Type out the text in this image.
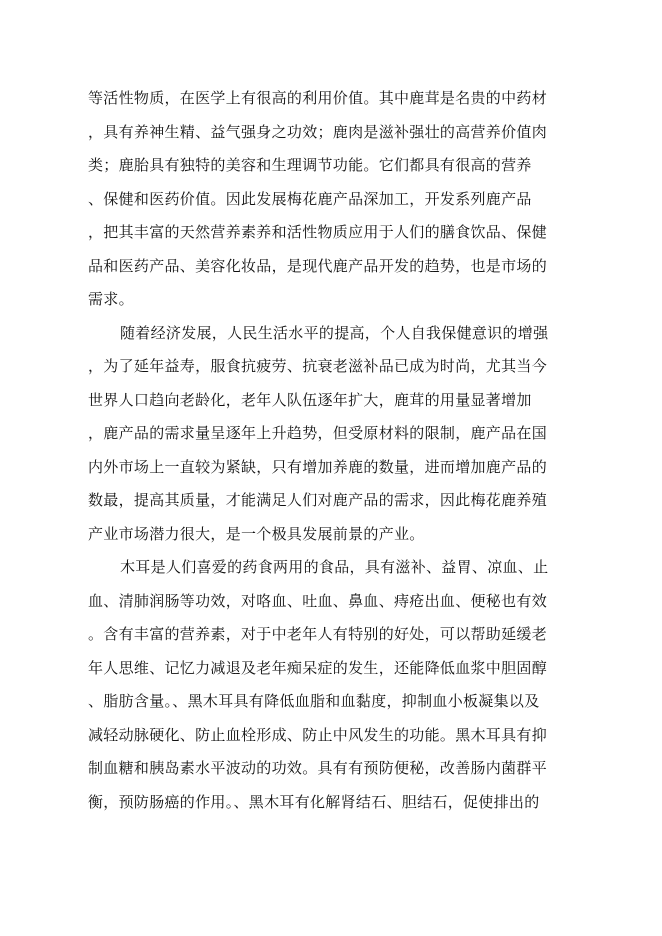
等活性物质，在医学上有很高的利用价值。其中鹿茸是名贵的中药材
，具有养神生精、益气强身之功效；鹿肉是滋补强壮的高营养价值肉
类；鹿胎具有独特的美容和生理调节功能。它们都具有很高的营养
、保健和医药价值。因此发展梅花鹿产品深加工，开发系列鹿产品
，把其丰富的天然营养素养和活性物质应用于人们的膳食饮品、保健
品和医药产品、美容化妆品，是现代鹿产品开发的趋势，也是市场的
需求。
随着经济发展，人民生活水平的提高，个人自我保健意识的增强
，为了延年益寿，服食抗疲劳、抗衰老滋补品已成为时尚，尤其当今
世界人口趋向老龄化，老年人队伍逐年扩大，鹿茸的用量显著增加
，鹿产品的需求量呈逐年上升趋势，但受原材料的限制，鹿产品在国
内外市场上一直较为紧缺，只有增加养鹿的数量，进而增加鹿产品的
数最，提高其质量，才能满足人们对鹿产品的需求，因此梅花鹿养殖
产业市场潜力很大，是一个极具发展前景的产业。
木耳是人们喜爱的药食两用的食品，具有滋补、益胃、凉血、止
血、清肺润肠等功效，对咯血、吐血、鼻血、痔疮出血、便秘也有效
。含有丰富的营养素，对于中老年人有特别的好处，可以帮助延缓老
年人思维、记忆力减退及老年痴呆症的发生，还能降低血浆中胆固醇
、脂肪含量。、黑木耳具有降低血脂和血黏度，抑制血小板凝集以及
减轻动脉硬化、防止血栓形成、防止中风发生的功能。黑木耳具有抑
制血糖和胰岛素水平波动的功效。具有有预防便秘，改善肠内菌群平
衡，预防肠癌的作用。、黑木耳有化解肾结石、胆结石，促使排出的
